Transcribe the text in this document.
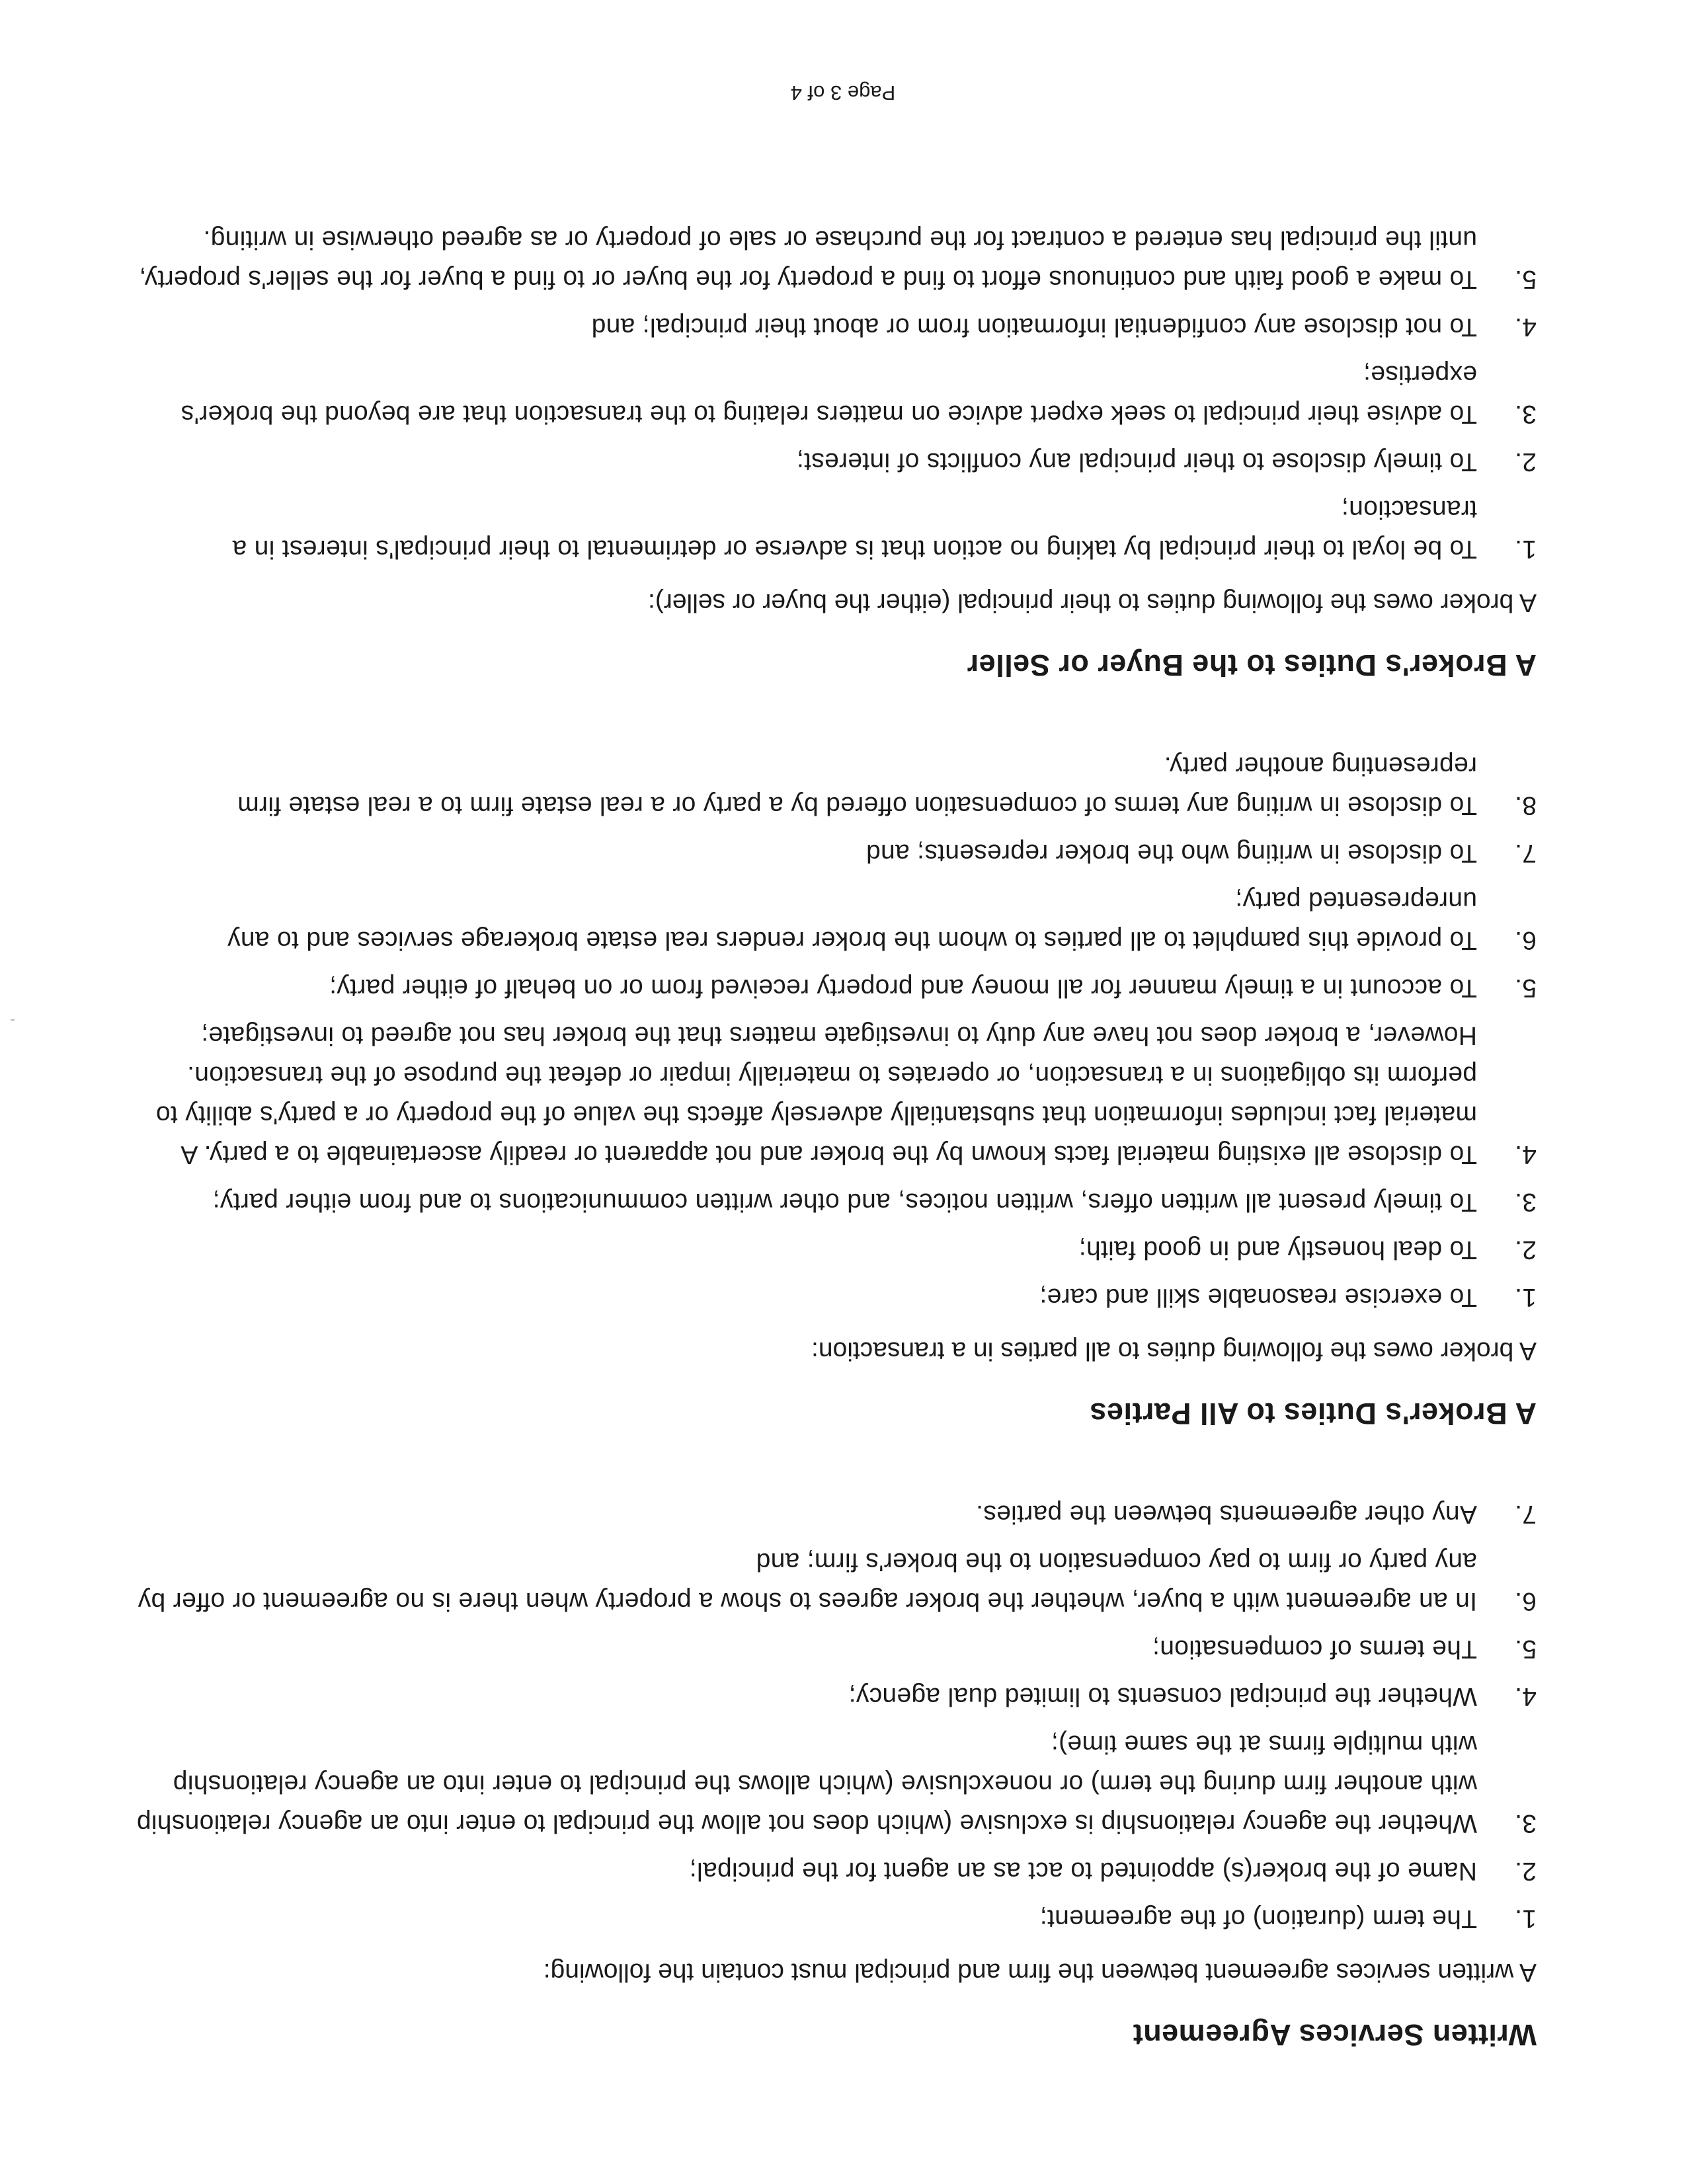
Written Services Agreement

A written services agreement between the firm and principal must contain the following:

1.
The term (duration) of the agreement;
2.
Name of the broker(s) appointed to act as an agent for the principal;
3.
Whether the agency relationship is exclusive (which does not allow the principal to enter into an agency relationship with another firm during the term) or nonexclusive (which allows the principal to enter into an agency relationship with multiple firms at the same time);
4.
Whether the principal consents to limited dual agency;
5.
The terms of compensation;
6.
In an agreement with a buyer, whether the broker agrees to show a property when there is no agreement or offer by any party or firm to pay compensation to the broker's firm; and
7.
Any other agreements between the parties.
A Broker's Duties to All Parties

A broker owes the following duties to all parties in a transaction:

1.
To exercise reasonable skill and care;
2.
To deal honestly and in good faith;
3.
To timely present all written offers, written notices, and other written communications to and from either party;
4.
To disclose all existing material facts known by the broker and not apparent or readily ascertainable to a party. A material fact includes information that substantially adversely affects the value of the property or a party's ability to perform its obligations in a transaction, or operates to materially impair or defeat the purpose of the transaction. However, a broker does not have any duty to investigate matters that the broker has not agreed to investigate;
5.
To account in a timely manner for all money and property received from or on behalf of either party;
6.
To provide this pamphlet to all parties to whom the broker renders real estate brokerage services and to any unrepresented party;
7.
To disclose in writing who the broker represents; and
8.
To disclose in writing any terms of compensation offered by a party or a real estate firm to a real estate firm representing another party.
A Broker's Duties to the Buyer or Seller

A broker owes the following duties to their principal (either the buyer or seller):

1.
To be loyal to their principal by taking no action that is adverse or detrimental to their principal's interest in a transaction;
2.
To timely disclose to their principal any conflicts of interest;
3.
To advise their principal to seek expert advice on matters relating to the transaction that are beyond the broker's expertise;
4.
To not disclose any confidential information from or about their principal; and
5.
To make a good faith and continuous effort to find a property for the buyer or to find a buyer for the seller's property, until the principal has entered a contract for the purchase or sale of property or as agreed otherwise in writing.
Page 3 of 4
